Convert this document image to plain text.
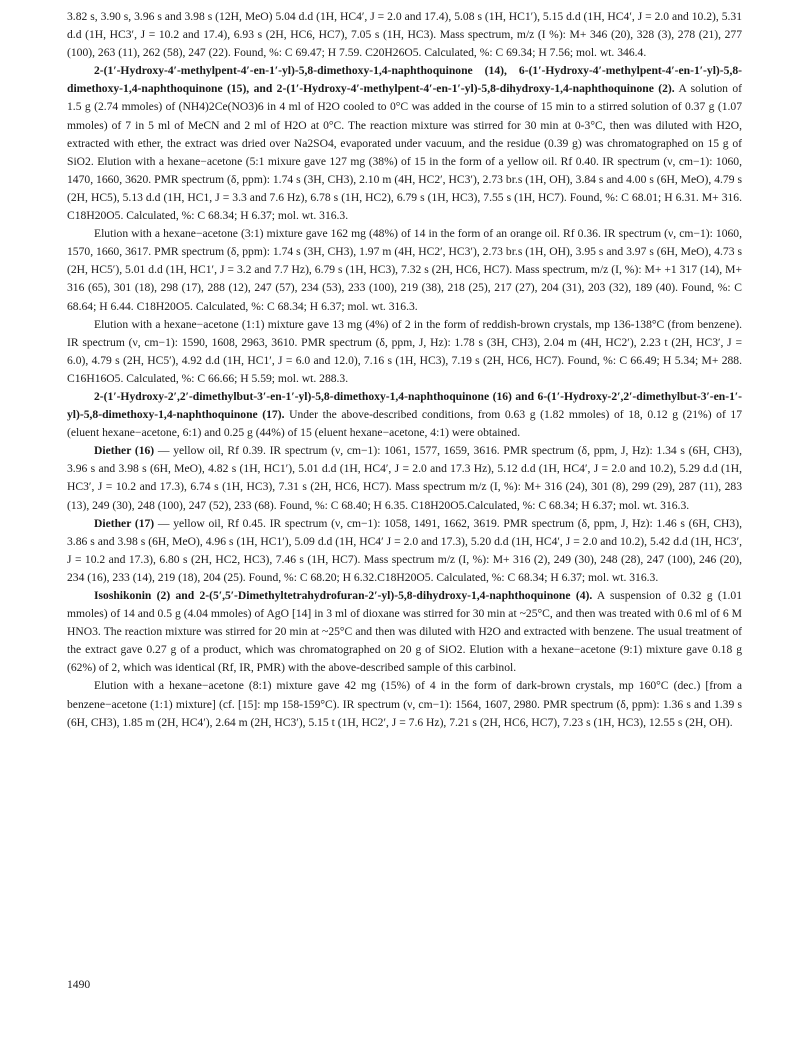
3.82 s, 3.90 s, 3.96 s and 3.98 s (12H, MeO) 5.04 d.d (1H, HC4′, J = 2.0 and 17.4), 5.08 s (1H, HC1′), 5.15 d.d (1H, HC4′, J = 2.0 and 10.2), 5.31 d.d (1H, HC3′, J = 10.2 and 17.4), 6.93 s (2H, HC6, HC7), 7.05 s (1H, HC3). Mass spectrum, m/z (I %): M+ 346 (20), 328 (3), 278 (21), 277 (100), 263 (11), 262 (58), 247 (22). Found, %: C 69.47; H 7.59. C20H26O5. Calculated, %: C 69.34; H 7.56; mol. wt. 346.4.

2-(1′-Hydroxy-4′-methylpent-4′-en-1′-yl)-5,8-dimethoxy-1,4-naphthoquinone (14), 6-(1′-Hydroxy-4′-methylpent-4′-en-1′-yl)-5,8-dimethoxy-1,4-naphthoquinone (15), and 2-(1′-Hydroxy-4′-methylpent-4′-en-1′-yl)-5,8-dihydroxy-1,4-naphthoquinone (2). A solution of 1.5 g (2.74 mmoles) of (NH4)2Ce(NO3)6 in 4 ml of H2O cooled to 0°C was added in the course of 15 min to a stirred solution of 0.37 g (1.07 mmoles) of 7 in 5 ml of MeCN and 2 ml of H2O at 0°C. The reaction mixture was stirred for 30 min at 0-3°C, then was diluted with H2O, extracted with ether, the extract was dried over Na2SO4, evaporated under vacuum, and the residue (0.39 g) was chromatographed on 15 g of SiO2. Elution with a hexane−acetone (5:1 mixure gave 127 mg (38%) of 15 in the form of a yellow oil. Rf 0.40. IR spectrum (ν, cm−1): 1060, 1470, 1660, 3620. PMR spectrum (δ, ppm): 1.74 s (3H, CH3), 2.10 m (4H, HC2′, HC3′), 2.73 br.s (1H, OH), 3.84 s and 4.00 s (6H, MeO), 4.79 s (2H, HC5), 5.13 d.d (1H, HC1, J = 3.3 and 7.6 Hz), 6.78 s (1H, HC2), 6.79 s (1H, HC3), 7.55 s (1H, HC7). Found, %: C 68.01; H 6.31. M+ 316. C18H20O5. Calculated, %: C 68.34; H 6.37; mol. wt. 316.3.

Elution with a hexane−acetone (3:1) mixture gave 162 mg (48%) of 14 in the form of an orange oil. Rf 0.36. IR spectrum (ν, cm−1): 1060, 1570, 1660, 3617. PMR spectrum (δ, ppm): 1.74 s (3H, CH3), 1.97 m (4H, HC2′, HC3′), 2.73 br.s (1H, OH), 3.95 s and 3.97 s (6H, MeO), 4.73 s (2H, HC5′), 5.01 d.d (1H, HC1′, J = 3.2 and 7.7 Hz), 6.79 s (1H, HC3), 7.32 s (2H, HC6, HC7). Mass spectrum, m/z (I, %): M+ +1 317 (14), M+ 316 (65), 301 (18), 298 (17), 288 (12), 247 (57), 234 (53), 233 (100), 219 (38), 218 (25), 217 (27), 204 (31), 203 (32), 189 (40). Found, %: C 68.64; H 6.44. C18H20O5. Calculated, %: C 68.34; H 6.37; mol. wt. 316.3.

Elution with a hexane−acetone (1:1) mixture gave 13 mg (4%) of 2 in the form of reddish-brown crystals, mp 136-138°C (from benzene). IR spectrum (ν, cm−1): 1590, 1608, 2963, 3610. PMR spectrum (δ, ppm, J, Hz): 1.78 s (3H, CH3), 2.04 m (4H, HC2′), 2.23 t (2H, HC3′, J = 6.0), 4.79 s (2H, HC5′), 4.92 d.d (1H, HC1′, J = 6.0 and 12.0), 7.16 s (1H, HC3), 7.19 s (2H, HC6, HC7). Found, %: C 66.49; H 5.34; M+ 288. C16H16O5. Calculated, %: C 66.66; H 5.59; mol. wt. 288.3.

2-(1′-Hydroxy-2′,2′-dimethylbut-3′-en-1′-yl)-5,8-dimethoxy-1,4-naphthoquinone (16) and 6-(1′-Hydroxy-2′,2′-dimethylbut-3′-en-1′-yl)-5,8-dimethoxy-1,4-naphthoquinone (17). Under the above-described conditions, from 0.63 g (1.82 mmoles) of 18, 0.12 g (21%) of 17 (eluent hexane−acetone, 6:1) and 0.25 g (44%) of 15 (eluent hexane−acetone, 4:1) were obtained.

Diether (16) — yellow oil, Rf 0.39. IR spectrum (ν, cm−1): 1061, 1577, 1659, 3616. PMR spectrum (δ, ppm, J, Hz): 1.34 s (6H, CH3), 3.96 s and 3.98 s (6H, MeO), 4.82 s (1H, HC1′), 5.01 d.d (1H, HC4′, J = 2.0 and 17.3 Hz), 5.12 d.d (1H, HC4′, J = 2.0 and 10.2), 5.29 d.d (1H, HC3′, J = 10.2 and 17.3), 6.74 s (1H, HC3), 7.31 s (2H, HC6, HC7). Mass spectrum m/z (I, %): M+ 316 (24), 301 (8), 299 (29), 287 (11), 283 (13), 249 (30), 248 (100), 247 (52), 233 (68). Found, %: C 68.40; H 6.35. C18H20O5.Calculated, %: C 68.34; H 6.37; mol. wt. 316.3.

Diether (17) — yellow oil, Rf 0.45. IR spectrum (ν, cm−1): 1058, 1491, 1662, 3619. PMR spectrum (δ, ppm, J, Hz): 1.46 s (6H, CH3), 3.86 s and 3.98 s (6H, MeO), 4.96 s (1H, HC1′), 5.09 d.d (1H, HC4′ J = 2.0 and 17.3), 5.20 d.d (1H, HC4′, J = 2.0 and 10.2), 5.42 d.d (1H, HC3′, J = 10.2 and 17.3), 6.80 s (2H, HC2, HC3), 7.46 s (1H, HC7). Mass spectrum m/z (I, %): M+ 316 (2), 249 (30), 248 (28), 247 (100), 246 (20), 234 (16), 233 (14), 219 (18), 204 (25). Found, %: C 68.20; H 6.32.C18H20O5. Calculated, %: C 68.34; H 6.37; mol. wt. 316.3.

Isoshikonin (2) and 2-(5′,5′-Dimethyltetrahydrofuran-2′-yl)-5,8-dihydroxy-1,4-naphthoquinone (4). A suspension of 0.32 g (1.01 mmoles) of 14 and 0.5 g (4.04 mmoles) of AgO [14] in 3 ml of dioxane was stirred for 30 min at ~25°C, and then was treated with 0.6 ml of 6 M HNO3. The reaction mixture was stirred for 20 min at ~25°C and then was diluted with H2O and extracted with benzene. The usual treatment of the extract gave 0.27 g of a product, which was chromatographed on 20 g of SiO2. Elution with a hexane−acetone (9:1) mixture gave 0.18 g (62%) of 2, which was identical (Rf, IR, PMR) with the above-described sample of this carbinol.

Elution with a hexane−acetone (8:1) mixture gave 42 mg (15%) of 4 in the form of dark-brown crystals, mp 160°C (dec.) [from a benzene−acetone (1:1) mixture] (cf. [15]: mp 158-159°C). IR spectrum (ν, cm−1): 1564, 1607, 2980. PMR spectrum (δ, ppm): 1.36 s and 1.39 s (6H, CH3), 1.85 m (2H, HC4′), 2.64 m (2H, HC3′), 5.15 t (1H, HC2′, J = 7.6 Hz), 7.21 s (2H, HC6, HC7), 7.23 s (1H, HC3), 12.55 s (2H, OH).

1490
